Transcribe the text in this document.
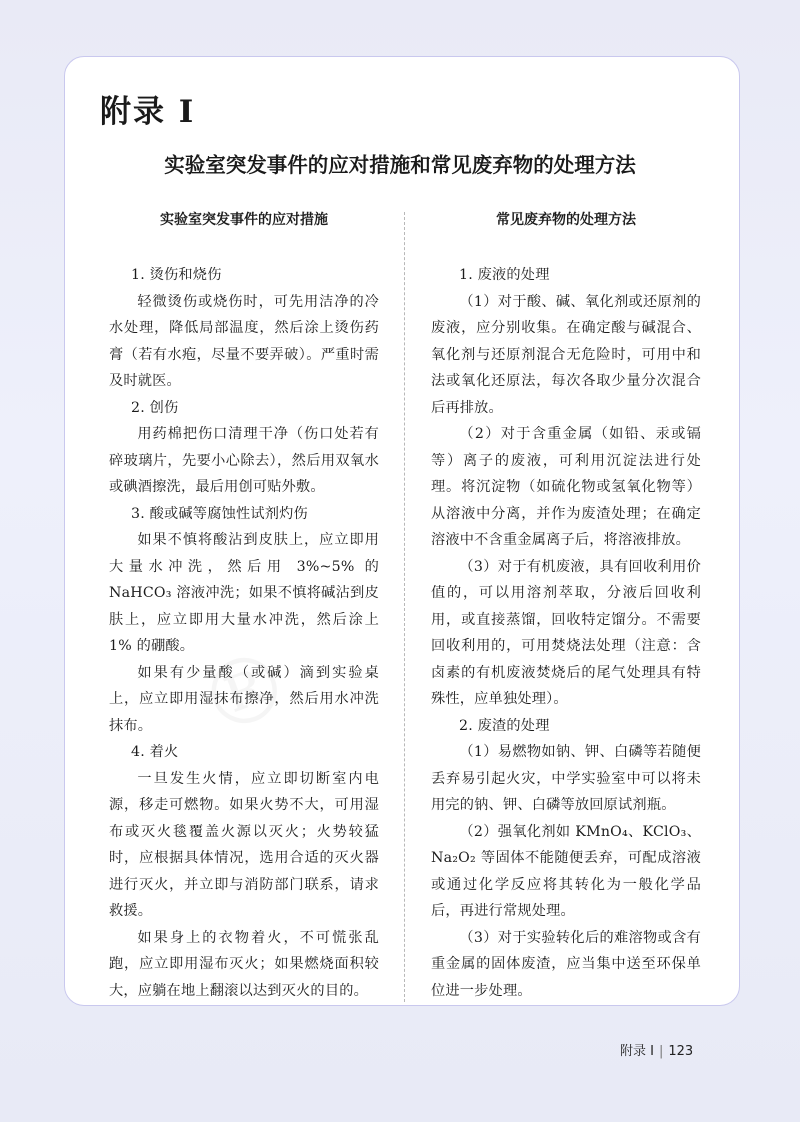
附录 I
实验室突发事件的应对措施和常见废弃物的处理方法
实验室突发事件的应对措施

1. 烫伤和烧伤

轻微烫伤或烧伤时，可先用洁净的冷水处理，降低局部温度，然后涂上烫伤药膏（若有水疱，尽量不要弄破）。严重时需及时就医。

2. 创伤

用药棉把伤口清理干净（伤口处若有碎玻璃片，先要小心除去），然后用双氧水或碘酒擦洗，最后用创可贴外敷。

3. 酸或碱等腐蚀性试剂灼伤

如果不慎将酸沾到皮肤上，应立即用大量水冲洗，然后用 3%~5% 的 NaHCO₃ 溶液冲洗；如果不慎将碱沾到皮肤上，应立即用大量水冲洗，然后涂上 1% 的硼酸。

如果有少量酸（或碱）滴到实验桌上，应立即用湿抹布擦净，然后用水冲洗抹布。

4. 着火

一旦发生火情，应立即切断室内电源，移走可燃物。如果火势不大，可用湿布或灭火毯覆盖火源以灭火；火势较猛时，应根据具体情况，选用合适的灭火器进行灭火，并立即与消防部门联系，请求救援。

如果身上的衣物着火，不可慌张乱跑，应立即用湿布灭火；如果燃烧面积较大，应躺在地上翻滚以达到灭火的目的。

常见废弃物的处理方法

1. 废液的处理

（1）对于酸、碱、氧化剂或还原剂的废液，应分别收集。在确定酸与碱混合、氧化剂与还原剂混合无危险时，可用中和法或氧化还原法，每次各取少量分次混合后再排放。

（2）对于含重金属（如铅、汞或镉等）离子的废液，可利用沉淀法进行处理。将沉淀物（如硫化物或氢氧化物等）从溶液中分离，并作为废渣处理；在确定溶液中不含重金属离子后，将溶液排放。

（3）对于有机废液，具有回收利用价值的，可以用溶剂萃取，分液后回收利用，或直接蒸馏，回收特定馏分。不需要回收利用的，可用焚烧法处理（注意：含卤素的有机废液焚烧后的尾气处理具有特殊性，应单独处理）。

2. 废渣的处理

（1）易燃物如钠、钾、白磷等若随便丢弃易引起火灾，中学实验室中可以将未用完的钠、钾、白磷等放回原试剂瓶。

（2）强氧化剂如 KMnO₄、KClO₃、Na₂O₂ 等固体不能随便丢弃，可配成溶液或通过化学反应将其转化为一般化学品后，再进行常规处理。

（3）对于实验转化后的难溶物或含有重金属的固体废渣，应当集中送至环保单位进一步处理。

附录 I | 123
